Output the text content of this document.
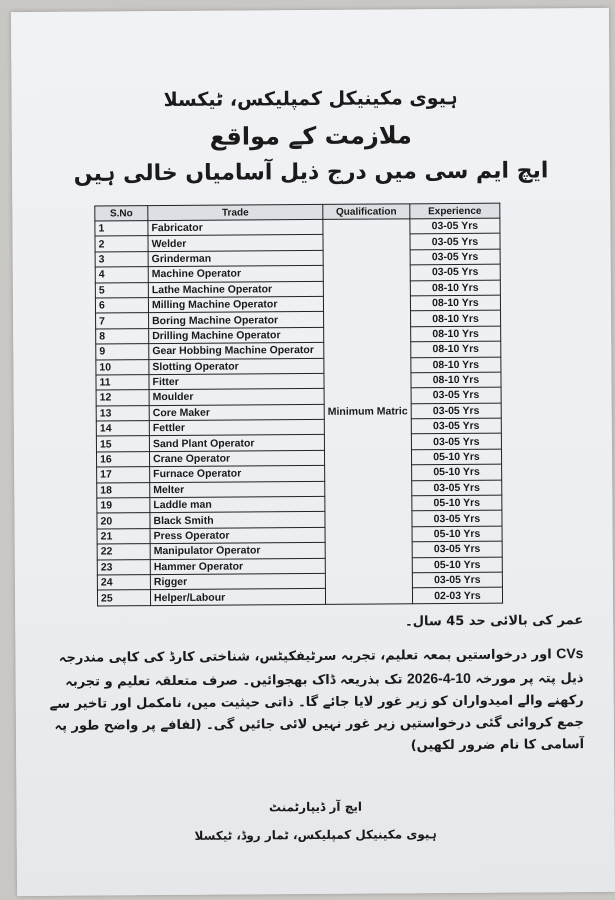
ہیوی مکینیکل کمپلیکس، ٹیکسلا
ملازمت کے مواقع
ایچ ایم سی میں درج ذیل آسامیاں خالی ہیں
S.No	Trade	Qualification	Experience
1	Fabricator	Minimum Matric	03-05 Yrs
2	Welder		03-05 Yrs
3	Grinderman		03-05 Yrs
4	Machine Operator		03-05 Yrs
5	Lathe Machine Operator		08-10 Yrs
6	Milling Machine Operator		08-10 Yrs
7	Boring Machine Operator		08-10 Yrs
8	Drilling Machine Operator		08-10 Yrs
9	Gear Hobbing Machine Operator		08-10 Yrs
10	Slotting Operator		08-10 Yrs
11	Fitter		08-10 Yrs
12	Moulder		03-05 Yrs
13	Core Maker		03-05 Yrs
14	Fettler		03-05 Yrs
15	Sand Plant Operator		03-05 Yrs
16	Crane Operator		05-10 Yrs
17	Furnace Operator		05-10 Yrs
18	Melter		03-05 Yrs
19	Laddle man		05-10 Yrs
20	Black Smith		03-05 Yrs
21	Press Operator		05-10 Yrs
22	Manipulator Operator		03-05 Yrs
23	Hammer Operator		05-10 Yrs
24	Rigger		03-05 Yrs
25	Helper/Labour		02-03 Yrs
عمر کی بالائی حد 45 سال۔
CVs اور درخواستیں بمعہ تعلیم، تجربہ سرٹیفکیٹس، شناختی کارڈ کی کاپی مندرجہ ذیل پتہ پر مورخہ 10-4-2026 تک بذریعہ ڈاک بھجوائیں۔ صرف متعلقہ تعلیم و تجربہ رکھنے والے امیدواران کو زیر غور لایا جائے گا۔ ذاتی حیثیت میں، نامکمل اور تاخیر سے جمع کروائی گئی درخواستیں زیر غور نہیں لائی جائیں گی۔ (لفافے پر واضح طور پہ آسامی کا نام ضرور لکھیں)
ایچ آر ڈیپارٹمنٹ
ہیوی مکینیکل کمپلیکس، ٹمار روڈ، ٹیکسلا
